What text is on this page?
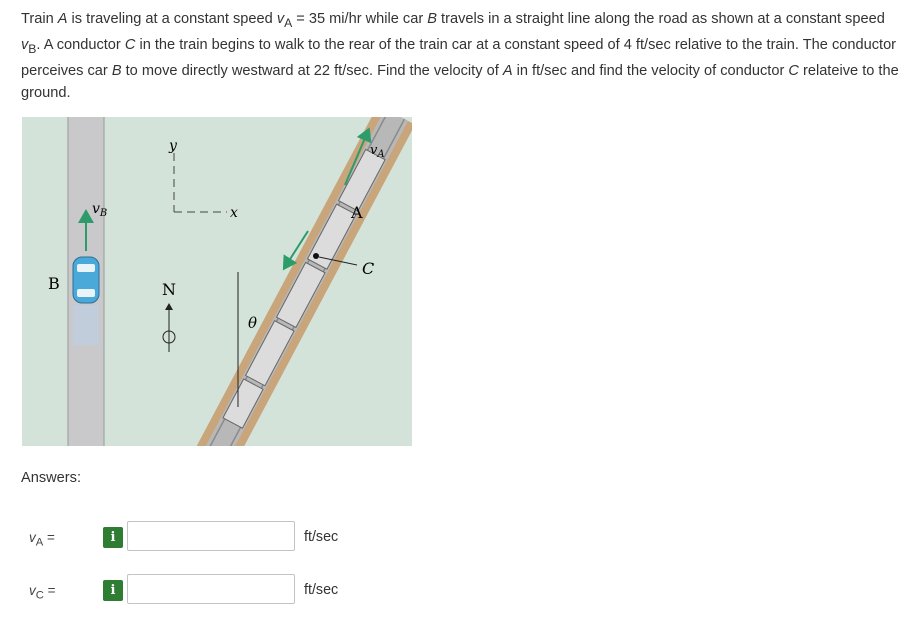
Train A is traveling at a constant speed $v_A = 35$ mi/hr while car B travels in a straight line along the road as shown at a constant speed $v_B$. A conductor C in the train begins to walk to the rear of the train car at a constant speed of 4 ft/sec relative to the train. The conductor perceives car B to move directly westward at 22 ft/sec. Find the velocity of A in ft/sec and find the velocity of conductor C relateive to the ground.

$v_B$
B
y
x
N
θ
$v_A$
A
C
Answers:
$v_A$ =	i	ft/sec
$v_C$ =	i	ft/sec
